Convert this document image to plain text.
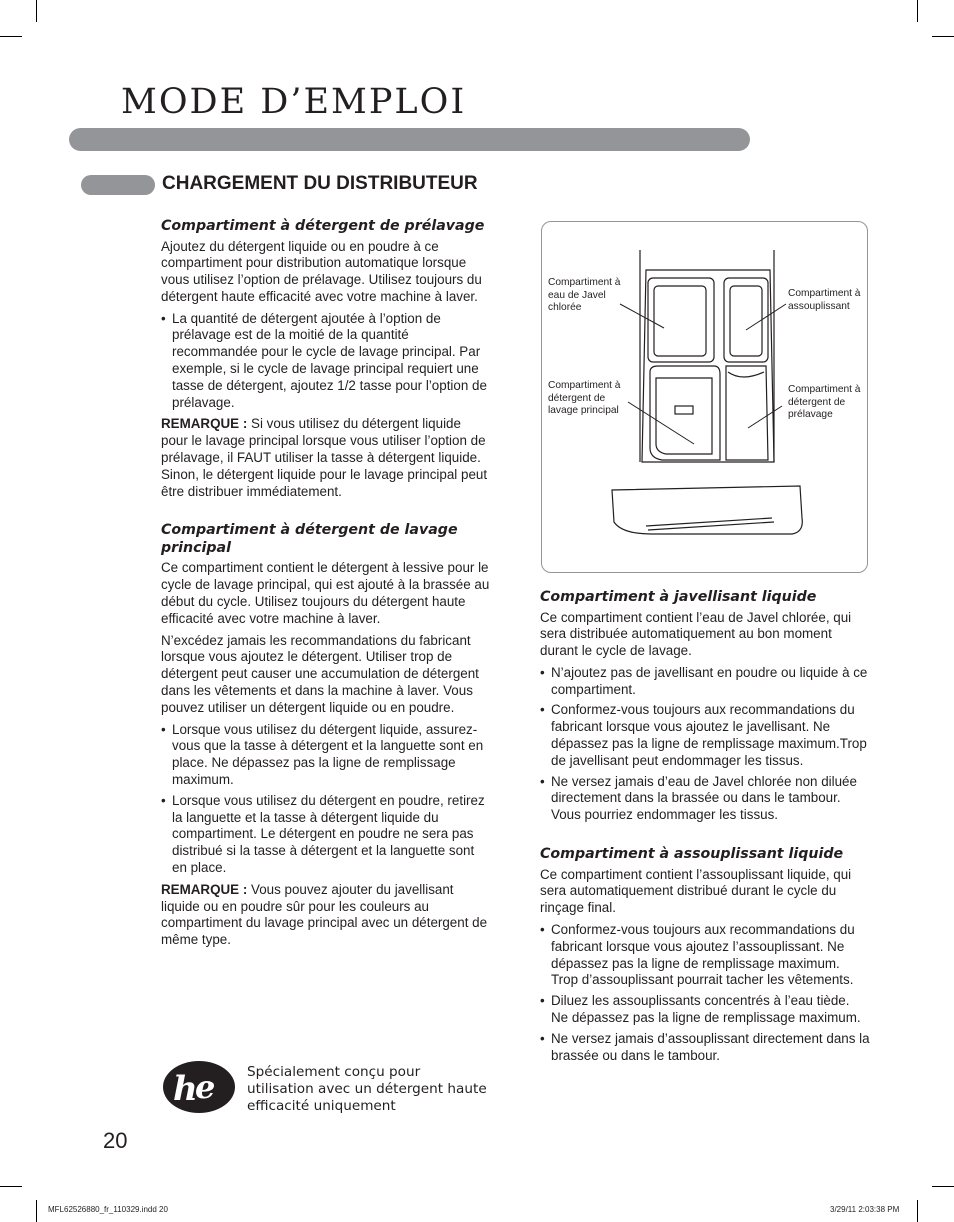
MODE D’EMPLOI
CHARGEMENT DU DISTRIBUTEUR
Compartiment à détergent de prélavage

Ajoutez du détergent liquide ou en poudre à ce compartiment pour distribution automatique lorsque vous utilisez l’option de prélavage. Utilisez toujours du détergent haute efficacité avec votre machine à laver.

• La quantité de détergent ajoutée à l’option de prélavage est de la moitié de la quantité recommandée pour le cycle de lavage principal. Par exemple, si le cycle de lavage principal requiert une tasse de détergent, ajoutez 1/2 tasse pour l’option de prélavage.

REMARQUE : Si vous utilisez du détergent liquide pour le lavage principal lorsque vous utiliser l’option de prélavage, il FAUT utiliser la tasse à détergent liquide. Sinon, le détergent liquide pour le lavage principal peut être distribuer immédiatement.

Compartiment à détergent de lavage principal

Ce compartiment contient le détergent à lessive pour le cycle de lavage principal, qui est ajouté à la brassée au début du cycle. Utilisez toujours du détergent haute efficacité avec votre machine à laver.

N’excédez jamais les recommandations du fabricant lorsque vous ajoutez le détergent. Utiliser trop de détergent peut causer une accumulation de détergent dans les vêtements et dans la machine à laver. Vous pouvez utiliser un détergent liquide ou en poudre.

• Lorsque vous utilisez du détergent liquide, assurez-vous que la tasse à détergent et la languette sont en place. Ne dépassez pas la ligne de remplissage maximum.
• Lorsque vous utilisez du détergent en poudre, retirez la languette et la tasse à détergent liquide du compartiment. Le détergent en poudre ne sera pas distribué si la tasse à détergent et la languette sont en place.

REMARQUE : Vous pouvez ajouter du javellisant liquide ou en poudre sûr pour les couleurs au compartiment du lavage principal avec un détergent de même type.

h
e Spécialement conçu pour utilisation avec un détergent haute efficacité uniquement
Compartiment à eau de Javel chlorée
Compartiment à assouplissant
Compartiment à détergent de lavage principal
Compartiment à détergent de prélavage
Compartiment à javellisant liquide

Ce compartiment contient l’eau de Javel chlorée, qui sera distribuée automatiquement au bon moment durant le cycle de lavage.

• N’ajoutez pas de javellisant en poudre ou liquide à ce compartiment.
• Conformez-vous toujours aux recommandations du fabricant lorsque vous ajoutez le javellisant. Ne dépassez pas la ligne de remplissage maximum.Trop de javellisant peut endommager les tissus.
• Ne versez jamais d’eau de Javel chlorée non diluée directement dans la brassée ou dans le tambour. Vous pourriez endommager les tissus.
Compartiment à assouplissant liquide

Ce compartiment contient l’assouplissant liquide, qui sera automatiquement distribué durant le cycle du rinçage final.

• Conformez-vous toujours aux recommandations du fabricant lorsque vous ajoutez l’assouplissant. Ne dépassez pas la ligne de remplissage maximum. Trop d’assouplissant pourrait tacher les vêtements.
• Diluez les assouplissants concentrés à l’eau tiède. Ne dépassez pas la ligne de remplissage maximum.
• Ne versez jamais d’assouplissant directement dans la brassée ou dans le tambour.
20
MFL62526880_fr_110329.indd 20	3/29/11 2:03:38 PM
